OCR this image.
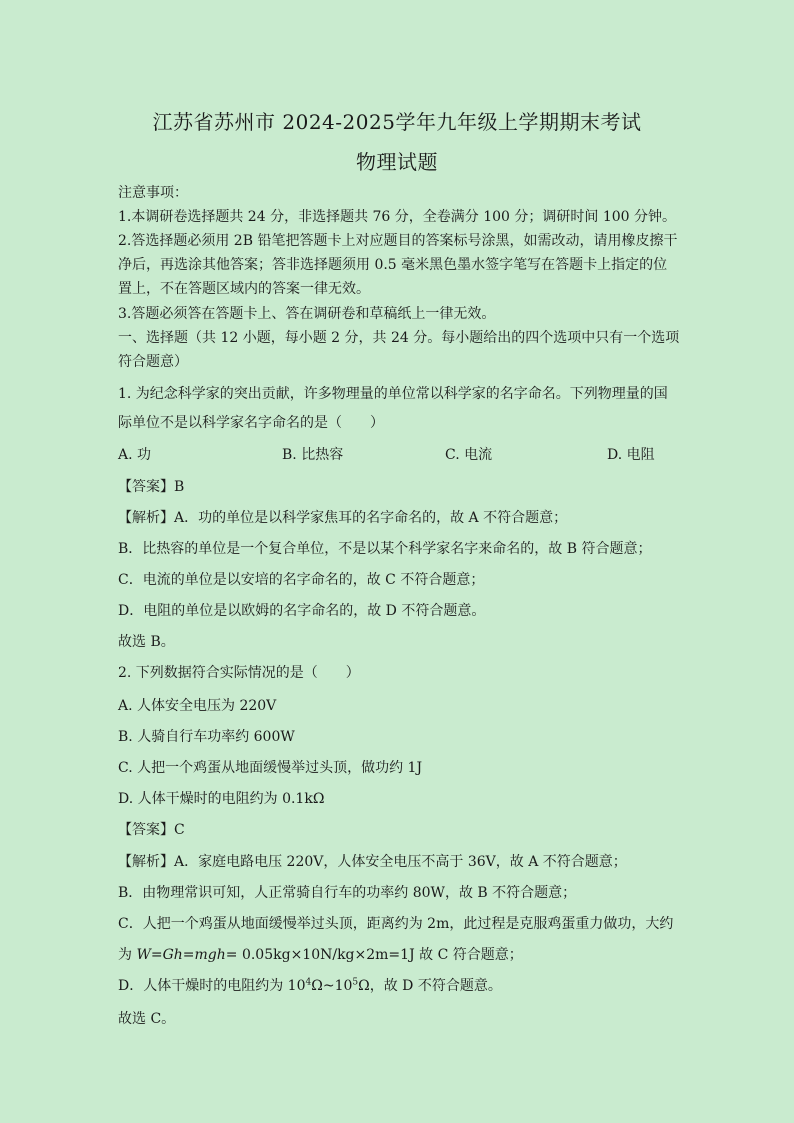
江苏省苏州市 2024-2025学年九年级上学期期末考试
物理试题
注意事项：
1.本调研卷选择题共 24 分，非选择题共 76 分，全卷满分 100 分；调研时间 100 分钟。
2.答选择题必须用 2B 铅笔把答题卡上对应题目的答案标号涂黑，如需改动，请用橡皮擦干
净后，再选涂其他答案；答非选择题须用 0.5 毫米黑色墨水签字笔写在答题卡上指定的位
置上，不在答题区域内的答案一律无效。
3.答题必须答在答题卡上、答在调研卷和草稿纸上一律无效。
一、选择题（共 12 小题，每小题 2 分，共 24 分。每小题给出的四个选项中只有一个选项
符合题意）
1. 为纪念科学家的突出贡献，许多物理量的单位常以科学家的名字命名。下列物理量的国
际单位不是以科学家名字命名的是（　　）
A. 功	B. 比热容	C. 电流	D. 电阻
【答案】B
【解析】A．功的单位是以科学家焦耳的名字命名的，故 A 不符合题意；
B．比热容的单位是一个复合单位，不是以某个科学家名字来命名的，故 B 符合题意；
C．电流的单位是以安培的名字命名的，故 C 不符合题意；
D．电阻的单位是以欧姆的名字命名的，故 D 不符合题意。
故选 B。
2. 下列数据符合实际情况的是（　　）
A. 人体安全电压为 220V
B. 人骑自行车功率约 600W
C. 人把一个鸡蛋从地面缓慢举过头顶，做功约 1J
D. 人体干燥时的电阻约为 0.1kΩ
【答案】C
【解析】A．家庭电路电压 220V，人体安全电压不高于 36V，故 A 不符合题意；
B．由物理常识可知，人正常骑自行车的功率约 80W，故 B 不符合题意；
C．人把一个鸡蛋从地面缓慢举过头顶，距离约为 2m，此过程是克服鸡蛋重力做功，大约
为 W=Gh=mgh= 0.05kg×10N/kg×2m=1J 故 C 符合题意；
D．人体干燥时的电阻约为 $10^4\Omega\sim 10^5\Omega$，故 D 不符合题意。
故选 C。
